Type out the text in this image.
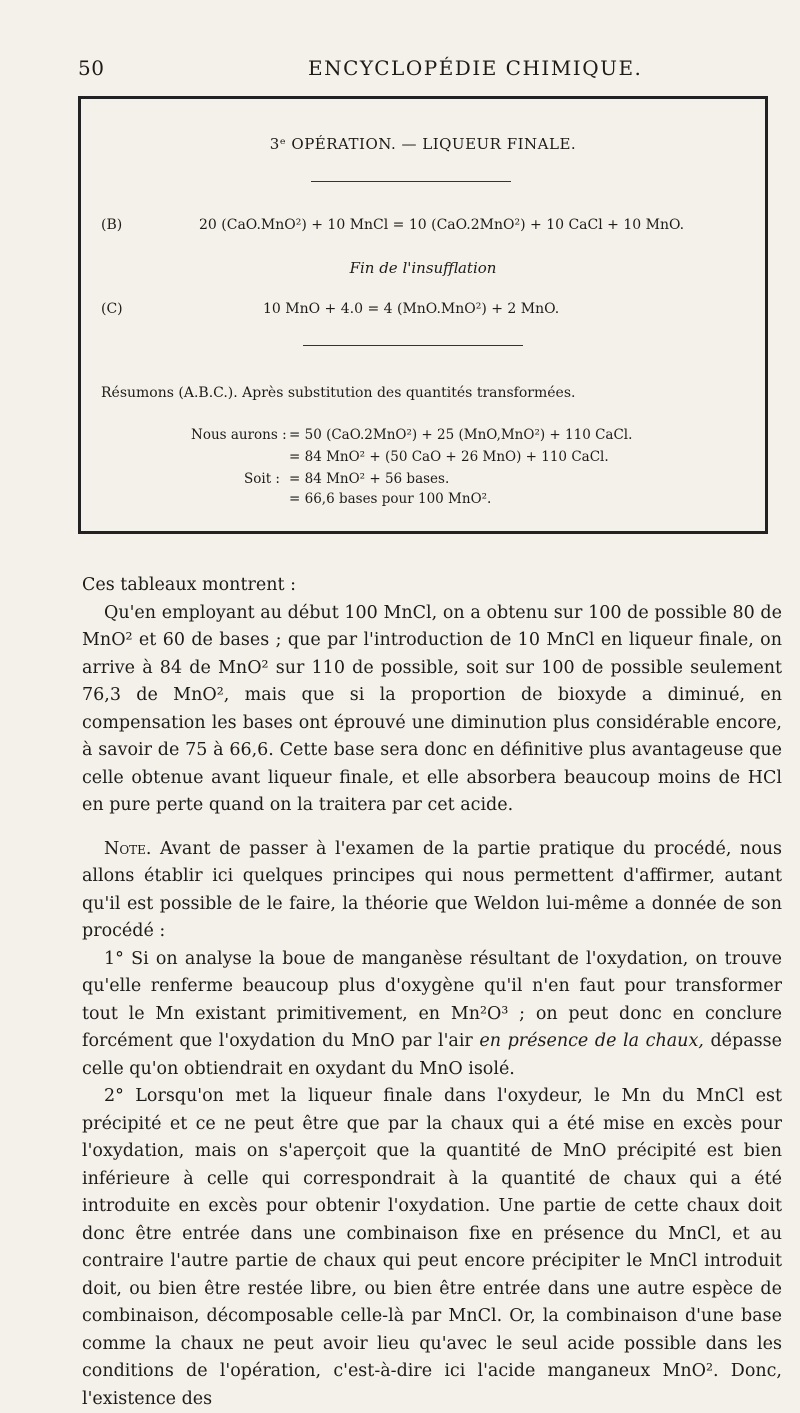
50	ENCYCLOPÉDIE CHIMIQUE.
3ᵉ OPÉRATION. — LIQUEUR FINALE.
(B)	20 (CaO.MnO²) + 10 MnCl = 10 (CaO.2MnO²) + 10 CaCl + 10 MnO.
Fin de l'insufflation
(C)	10 MnO + 4.0 = 4 (MnO.MnO²) + 2 MnO.
Résumons (A.B.C.). Après substitution des quantités transformées.
Nous aurons : = 50 (CaO.2MnO²) + 25 (MnO,MnO²) + 110 CaCl.
= 84 MnO² + (50 CaO + 26 MnO) + 110 CaCl.
Soit : = 84 MnO² + 56 bases.
= 66,6 bases pour 100 MnO².

Ces tableaux montrent :

Qu'en employant au début 100 MnCl, on a obtenu sur 100 de possible 80 de MnO² et 60 de bases ; que par l'introduction de 10 MnCl en liqueur finale, on arrive à 84 de MnO² sur 110 de possible, soit sur 100 de possible seulement 76,3 de MnO², mais que si la proportion de bioxyde a diminué, en compensation les bases ont éprouvé une diminution plus considérable encore, à savoir de 75 à 66,6. Cette base sera donc en définitive plus avantageuse que celle obtenue avant liqueur finale, et elle absorbera beaucoup moins de HCl en pure perte quand on la traitera par cet acide.

Note. Avant de passer à l'examen de la partie pratique du procédé, nous allons établir ici quelques principes qui nous permettent d'affirmer, autant qu'il est possible de le faire, la théorie que Weldon lui-même a donnée de son procédé :

1° Si on analyse la boue de manganèse résultant de l'oxydation, on trouve qu'elle renferme beaucoup plus d'oxygène qu'il n'en faut pour transformer tout le Mn existant primitivement, en Mn²O³ ; on peut donc en conclure forcément que l'oxydation du MnO par l'air en présence de la chaux, dépasse celle qu'on obtiendrait en oxydant du MnO isolé.

2° Lorsqu'on met la liqueur finale dans l'oxydeur, le Mn du MnCl est précipité et ce ne peut être que par la chaux qui a été mise en excès pour l'oxydation, mais on s'aperçoit que la quantité de MnO précipité est bien inférieure à celle qui correspondrait à la quantité de chaux qui a été introduite en excès pour obtenir l'oxydation. Une partie de cette chaux doit donc être entrée dans une combinaison fixe en présence du MnCl, et au contraire l'autre partie de chaux qui peut encore précipiter le MnCl introduit doit, ou bien être restée libre, ou bien être entrée dans une autre espèce de combinaison, décomposable celle-là par MnCl. Or, la combinaison d'une base comme la chaux ne peut avoir lieu qu'avec le seul acide possible dans les conditions de l'opération, c'est-à-dire ici l'acide manganeux MnO². Donc, l'existence des
